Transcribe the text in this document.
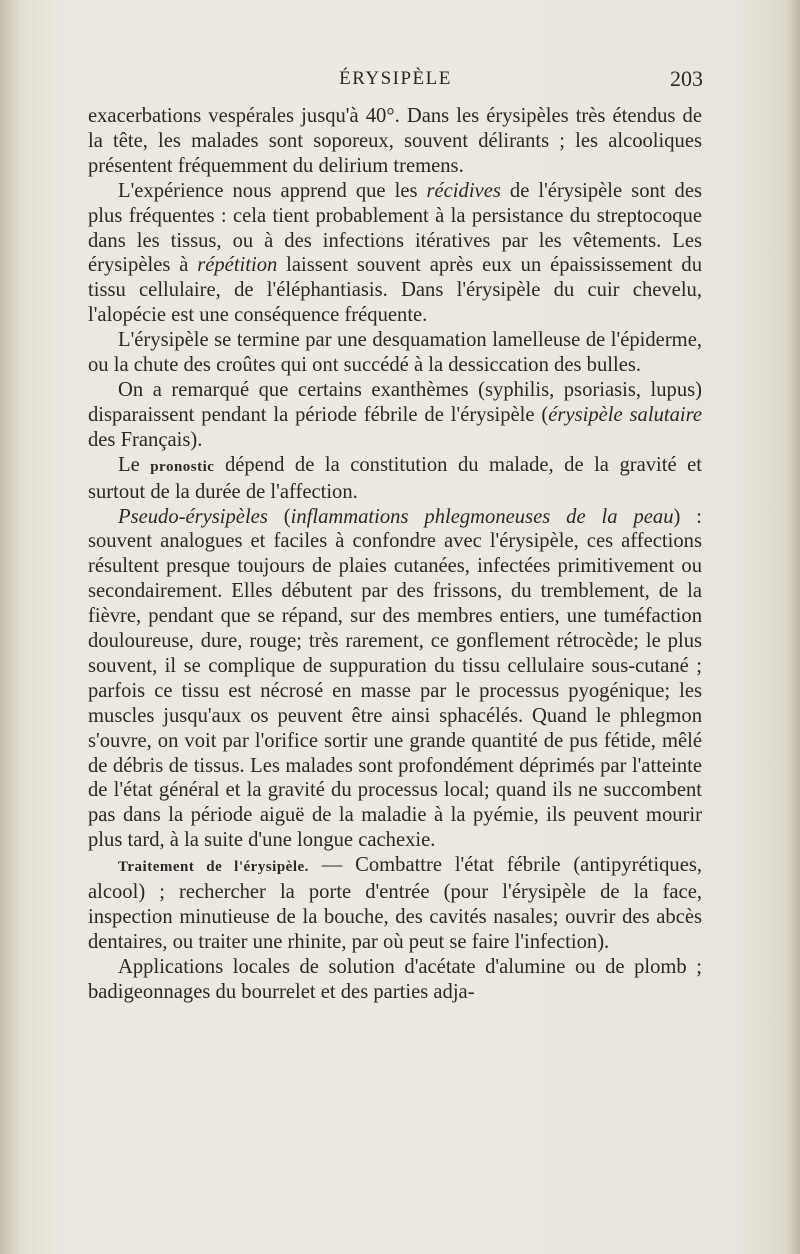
ÉRYSIPÈLE	203

exacerbations vespérales jusqu'à 40°. Dans les érysipèles très étendus de la tête, les malades sont soporeux, souvent délirants ; les alcooliques présentent fréquemment du delirium tremens.

L'expérience nous apprend que les récidives de l'érysipèle sont des plus fréquentes : cela tient probablement à la persistance du streptocoque dans les tissus, ou à des infections itératives par les vêtements. Les érysipèles à répétition laissent souvent après eux un épaississement du tissu cellulaire, de l'éléphantiasis. Dans l'érysipèle du cuir chevelu, l'alopécie est une conséquence fréquente.

L'érysipèle se termine par une desquamation lamelleuse de l'épiderme, ou la chute des croûtes qui ont succédé à la dessiccation des bulles.

On a remarqué que certains exanthèmes (syphilis, psoriasis, lupus) disparaissent pendant la période fébrile de l'érysipèle (érysipèle salutaire des Français).

Le pronostic dépend de la constitution du malade, de la gravité et surtout de la durée de l'affection.

Pseudo-érysipèles (inflammations phlegmoneuses de la peau) : souvent analogues et faciles à confondre avec l'érysipèle, ces affections résultent presque toujours de plaies cutanées, infectées primitivement ou secondairement. Elles débutent par des frissons, du tremblement, de la fièvre, pendant que se répand, sur des membres entiers, une tuméfaction douloureuse, dure, rouge; très rarement, ce gonflement rétrocède; le plus souvent, il se complique de suppuration du tissu cellulaire sous-cutané ; parfois ce tissu est nécrosé en masse par le processus pyogénique; les muscles jusqu'aux os peuvent être ainsi sphacélés. Quand le phlegmon s'ouvre, on voit par l'orifice sortir une grande quantité de pus fétide, mêlé de débris de tissus. Les malades sont profondément déprimés par l'atteinte de l'état général et la gravité du processus local; quand ils ne succombent pas dans la période aiguë de la maladie à la pyémie, ils peuvent mourir plus tard, à la suite d'une longue cachexie.

Traitement de l'érysipèle. — Combattre l'état fébrile (antipyrétiques, alcool) ; rechercher la porte d'entrée (pour l'érysipèle de la face, inspection minutieuse de la bouche, des cavités nasales; ouvrir des abcès dentaires, ou traiter une rhinite, par où peut se faire l'infection).

Applications locales de solution d'acétate d'alumine ou de plomb ; badigeonnages du bourrelet et des parties adja-
